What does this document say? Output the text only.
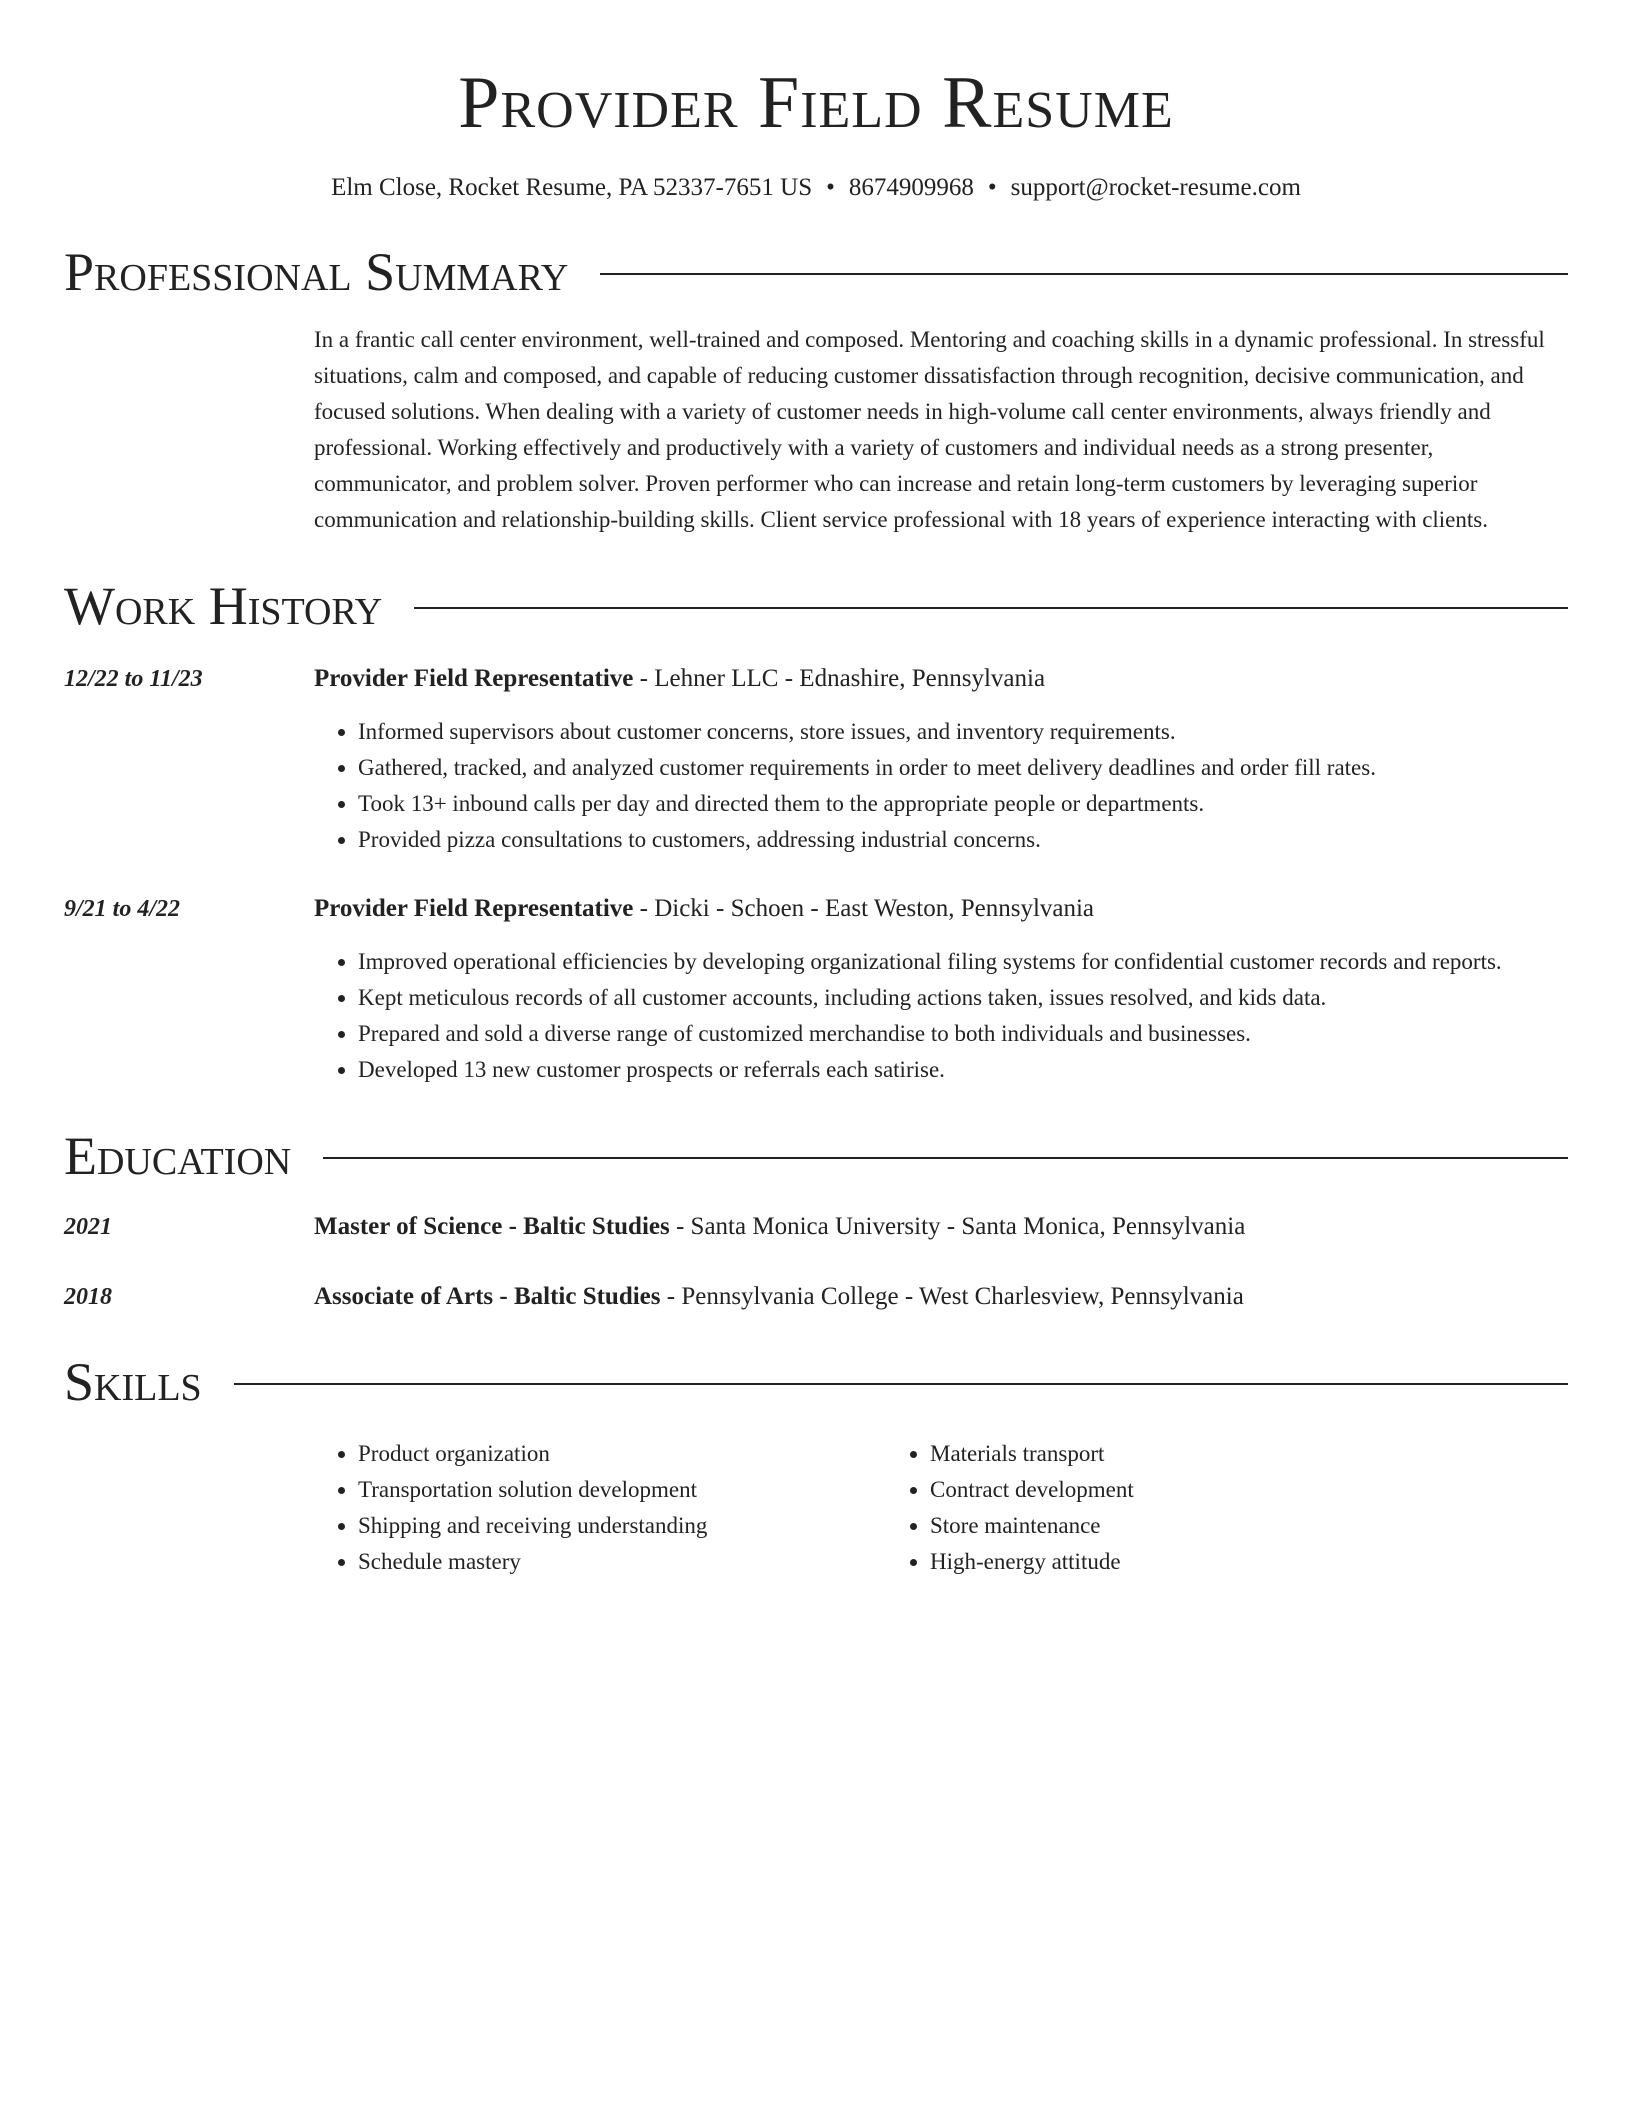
Provider Field Resume
Elm Close, Rocket Resume, PA 52337-7651 US • 8674909968 • support@rocket-resume.com
Professional Summary
In a frantic call center environment, well-trained and composed. Mentoring and coaching skills in a dynamic professional. In stressful situations, calm and composed, and capable of reducing customer dissatisfaction through recognition, decisive communication, and focused solutions. When dealing with a variety of customer needs in high-volume call center environments, always friendly and professional. Working effectively and productively with a variety of customers and individual needs as a strong presenter, communicator, and problem solver. Proven performer who can increase and retain long-term customers by leveraging superior communication and relationship-building skills. Client service professional with 18 years of experience interacting with clients.
Work History
12/22 to 11/23	Provider Field Representative - Lehner LLC - Ednashire, Pennsylvania
• Informed supervisors about customer concerns, store issues, and inventory requirements.
• Gathered, tracked, and analyzed customer requirements in order to meet delivery deadlines and order fill rates.
• Took 13+ inbound calls per day and directed them to the appropriate people or departments.
• Provided pizza consultations to customers, addressing industrial concerns.
9/21 to 4/22	Provider Field Representative - Dicki - Schoen - East Weston, Pennsylvania
• Improved operational efficiencies by developing organizational filing systems for confidential customer records and reports.
• Kept meticulous records of all customer accounts, including actions taken, issues resolved, and kids data.
• Prepared and sold a diverse range of customized merchandise to both individuals and businesses.
• Developed 13 new customer prospects or referrals each satirise.
Education
2021	Master of Science - Baltic Studies - Santa Monica University - Santa Monica, Pennsylvania
2018	Associate of Arts - Baltic Studies - Pennsylvania College - West Charlesview, Pennsylvania
Skills
• Product organization
• Transportation solution development
• Shipping and receiving understanding
• Schedule mastery
• Materials transport
• Contract development
• Store maintenance
• High-energy attitude
